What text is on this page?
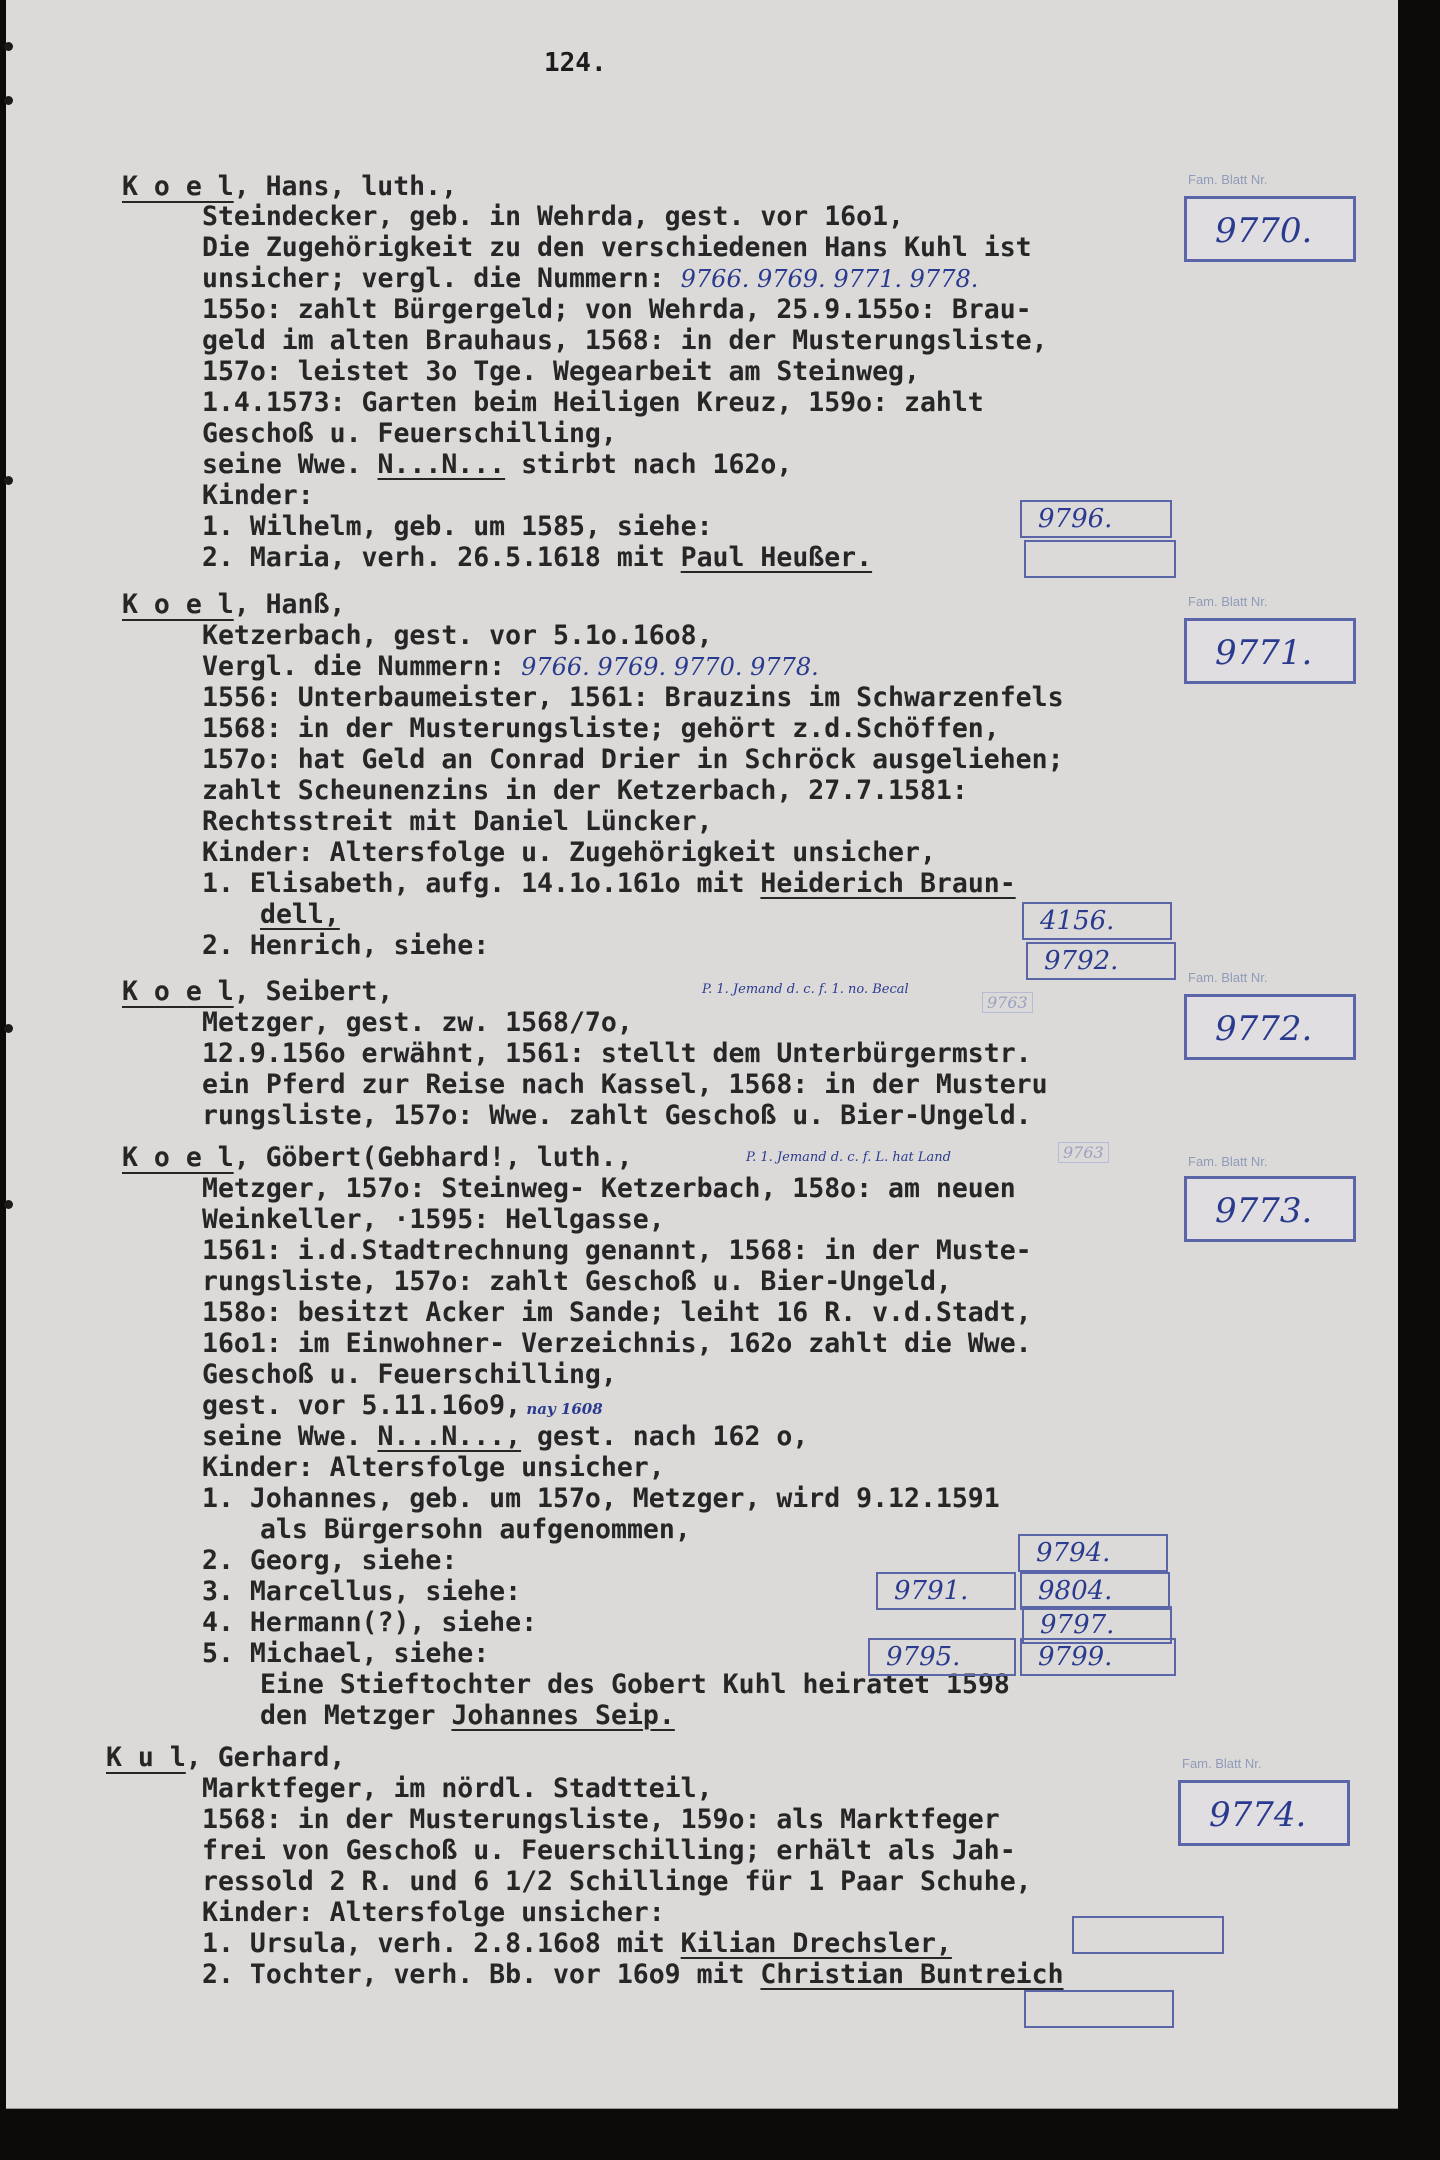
124.
K o e l, Hans, luth.,
Steindecker, geb. in Wehrda, gest. vor 16o1,
Die Zugehörigkeit zu den verschiedenen Hans Kuhl ist
unsicher; vergl. die Nummern: 9766. 9769. 9771. 9778.
155o: zahlt Bürgergeld; von Wehrda, 25.9.155o: Brau-
geld im alten Brauhaus, 1568: in der Musterungsliste,
157o: leistet 3o Tge. Wegearbeit am Steinweg,
1.4.1573: Garten beim Heiligen Kreuz, 159o: zahlt
Geschoß u. Feuerschilling,
seine Wwe. N...N... stirbt nach 162o,
Kinder:
1. Wilhelm, geb. um 1585, siehe:
2. Maria, verh. 26.5.1618 mit Paul Heußer.
Fam. Blatt Nr.
9770.
9796.
K o e l, Hanß,
Ketzerbach, gest. vor 5.1o.16o8,
Vergl. die Nummern: 9766. 9769. 9770. 9778.
1556: Unterbaumeister, 1561: Brauzins im Schwarzenfels
1568: in der Musterungsliste; gehört z.d.Schöffen,
157o: hat Geld an Conrad Drier in Schröck ausgeliehen;
zahlt Scheunenzins in der Ketzerbach, 27.7.1581:
Rechtsstreit mit Daniel Lüncker,
Kinder: Altersfolge u. Zugehörigkeit unsicher,
1. Elisabeth, aufg. 14.1o.161o mit Heiderich Braun-
dell,
2. Henrich, siehe:
Fam. Blatt Nr.
9771.
4156.
9792.
K o e l, Seibert,	P. 1. Jemand d. c. f. 1. no. Becal
9763
Metzger, gest. zw. 1568/7o,
12.9.156o erwähnt, 1561: stellt dem Unterbürgermstr.
ein Pferd zur Reise nach Kassel, 1568: in der Musteru
rungsliste, 157o: Wwe. zahlt Geschoß u. Bier-Ungeld.
Fam. Blatt Nr.
9772.
K o e l, Göbert(Gebhard!, luth.,	P. 1. Jemand d. c. f. L. hat Land	9763
Metzger, 157o: Steinweg- Ketzerbach, 158o: am neuen
Weinkeller, ·1595: Hellgasse,
1561: i.d.Stadtrechnung genannt, 1568: in der Muste-
rungsliste, 157o: zahlt Geschoß u. Bier-Ungeld,
158o: besitzt Acker im Sande; leiht 16 R. v.d.Stadt,
16o1: im Einwohner- Verzeichnis, 162o zahlt die Wwe.
Geschoß u. Feuerschilling,
gest. vor 5.11.16o9, nay 1608
seine Wwe. N...N..., gest. nach 162 o,
Kinder: Altersfolge unsicher,
1. Johannes, geb. um 157o, Metzger, wird 9.12.1591
als Bürgersohn aufgenommen,
2. Georg, siehe:
3. Marcellus, siehe:
4. Hermann(?), siehe:
5. Michael, siehe:
Eine Stieftochter des Gobert Kuhl heiratet 1598
den Metzger Johannes Seip.
Fam. Blatt Nr.
9773.
9794.
9791.	9804.
9797.
9795.	9799.
K u l, Gerhard,
Marktfeger, im nördl. Stadtteil,
1568: in der Musterungsliste, 159o: als Marktfeger
frei von Geschoß u. Feuerschilling; erhält als Jah-
ressold 2 R. und 6 1/2 Schillinge für 1 Paar Schuhe,
Kinder: Altersfolge unsicher:
1. Ursula, verh. 2.8.16o8 mit Kilian Drechsler,
2. Tochter, verh. Bb. vor 16o9 mit Christian Buntreich
Fam. Blatt Nr.
9774.
